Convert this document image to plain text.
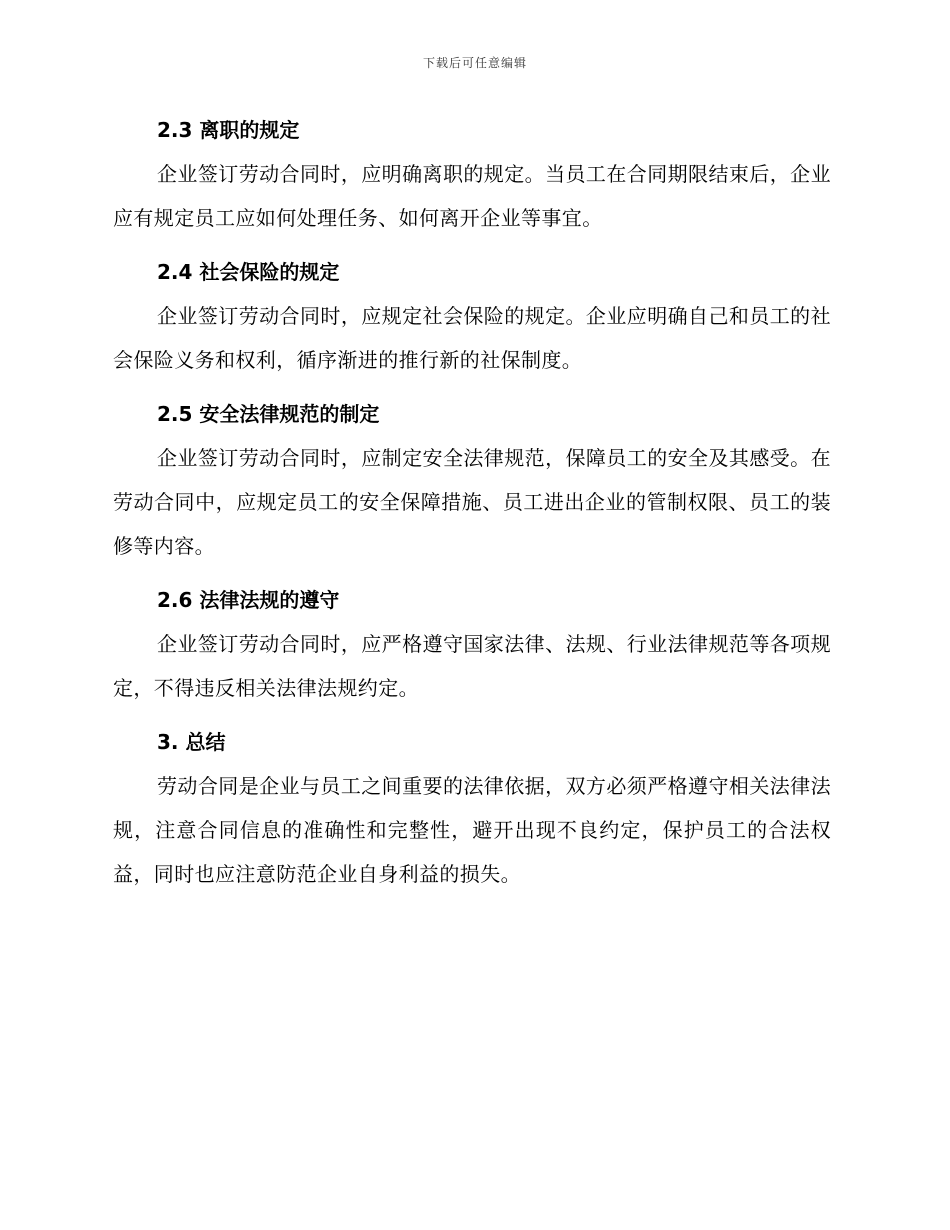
下载后可任意编辑
2.3 离职的规定

企业签订劳动合同时，应明确离职的规定。当员工在合同期限结束后，企业应有规定员工应如何处理任务、如何离开企业等事宜。

2.4 社会保险的规定

企业签订劳动合同时，应规定社会保险的规定。企业应明确自己和员工的社会保险义务和权利，循序渐进的推行新的社保制度。

2.5 安全法律规范的制定

企业签订劳动合同时，应制定安全法律规范，保障员工的安全及其感受。在劳动合同中，应规定员工的安全保障措施、员工进出企业的管制权限、员工的装修等内容。

2.6 法律法规的遵守

企业签订劳动合同时，应严格遵守国家法律、法规、行业法律规范等各项规定，不得违反相关法律法规约定。

3. 总结

劳动合同是企业与员工之间重要的法律依据，双方必须严格遵守相关法律法规，注意合同信息的准确性和完整性，避开出现不良约定，保护员工的合法权益，同时也应注意防范企业自身利益的损失。
